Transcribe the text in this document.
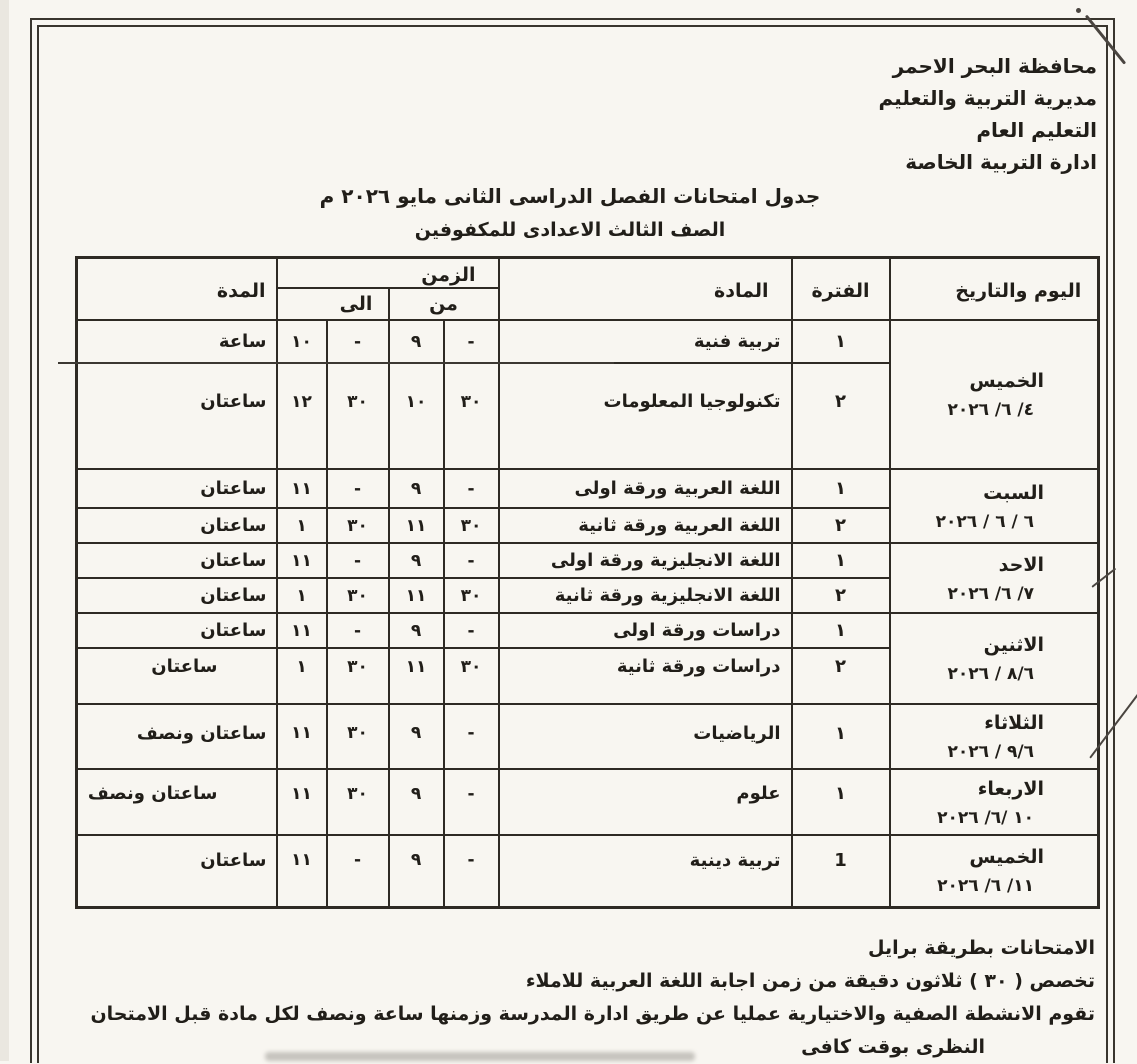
محافظة البحر الاحمر
مديرية التربية والتعليم
التعليم العام
ادارة التربية الخاصة
جدول امتحانات الفصل الدراسى الثانى مايو ٢٠٢٦ م
الصف الثالث الاعدادى للمكفوفين
اليوم والتاريخ	الفترة	المادة	الزمن				المدة
			من		الى		

الخميس
٤/ ٦/ ٢٠٢٦	١	تربية فنية	-	٩	-	١٠	ساعة
	٢	تكنولوجيا المعلومات	٣٠	١٠	٣٠	١٢	ساعتان

السبت
٦ / ٦ / ٢٠٢٦	١	اللغة العربية ورقة اولى	-	٩	-	١١	ساعتان
	٢	اللغة العربية ورقة ثانية	٣٠	١١	٣٠	١	ساعتان

الاحد
٧/ ٦/ ٢٠٢٦	١	اللغة الانجليزية ورقة اولى	-	٩	-	١١	ساعتان
	٢	اللغة الانجليزية ورقة ثانية	٣٠	١١	٣٠	١	ساعتان

الاثنين
٨/٦ / ٢٠٢٦	١	دراسات ورقة اولى	-	٩	-	١١	ساعتان
	٢	دراسات ورقة ثانية	٣٠	١١	٣٠	١	ساعتان

الثلاثاء
٩/٦ / ٢٠٢٦	١	الرياضيات	-	٩	٣٠	١١	ساعتان ونصف

الاربعاء
١٠ /٦/ ٢٠٢٦	١	علوم	-	٩	٣٠	١١	ساعتان ونصف

الخميس
١١/ ٦/ ٢٠٢٦	1	تربية دينية	-	٩	-	١١	ساعتان
الامتحانات بطريقة برايل
تخصص ( ٣٠ ) ثلاثون دقيقة من زمن اجابة اللغة العربية للاملاء
تقوم الانشطة الصفية والاختيارية عمليا عن طريق ادارة المدرسة وزمنها ساعة ونصف لكل مادة قبل الامتحان
النظرى بوقت كافى
